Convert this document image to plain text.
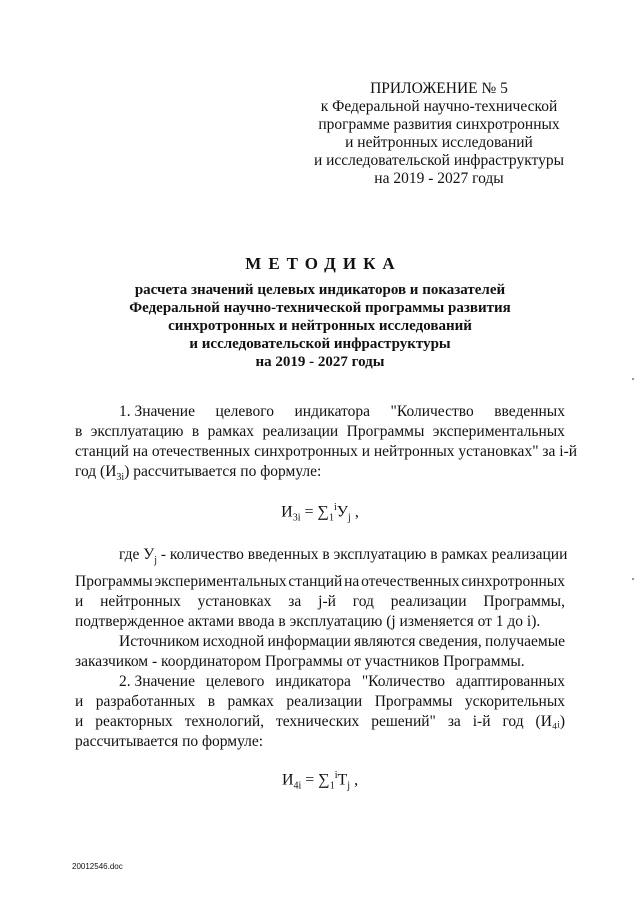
ПРИЛОЖЕНИЕ № 5
к Федеральной научно-технической
программе развития синхротронных
и нейтронных исследований
и исследовательской инфраструктуры
на 2019 - 2027 годы
МЕТОДИКА
расчета значений целевых индикаторов и показателей
Федеральной научно-технической программы развития
синхротронных и нейтронных исследований
и исследовательской инфраструктуры
на 2019 - 2027 годы
1. Значение целевого индикатора "Количество введенных
в эксплуатацию в рамках реализации Программы экспериментальных
станций на отечественных синхротронных и нейтронных установках" за i-й
год $(И_{3i})$ рассчитывается по формуле:
$И_{3i} = \sum_1^iУ_j$ ,
где $У_j$ - количество введенных в эксплуатацию в рамках реализации
Программы экспериментальных станций на отечественных синхротронных
и нейтронных установках за j-й год реализации Программы,
подтвержденное актами ввода в эксплуатацию (j изменяется от 1 до i).
Источником исходной информации являются сведения, получаемые
заказчиком - координатором Программы от участников Программы.
2. Значение целевого индикатора "Количество адаптированных
и разработанных в рамках реализации Программы ускорительных
и реакторных технологий, технических решений" за i-й год (И₄ᵢ)
рассчитывается по формуле:
$И_{4i} = \sum_1^iТ_j$ ,
20012546.doc
